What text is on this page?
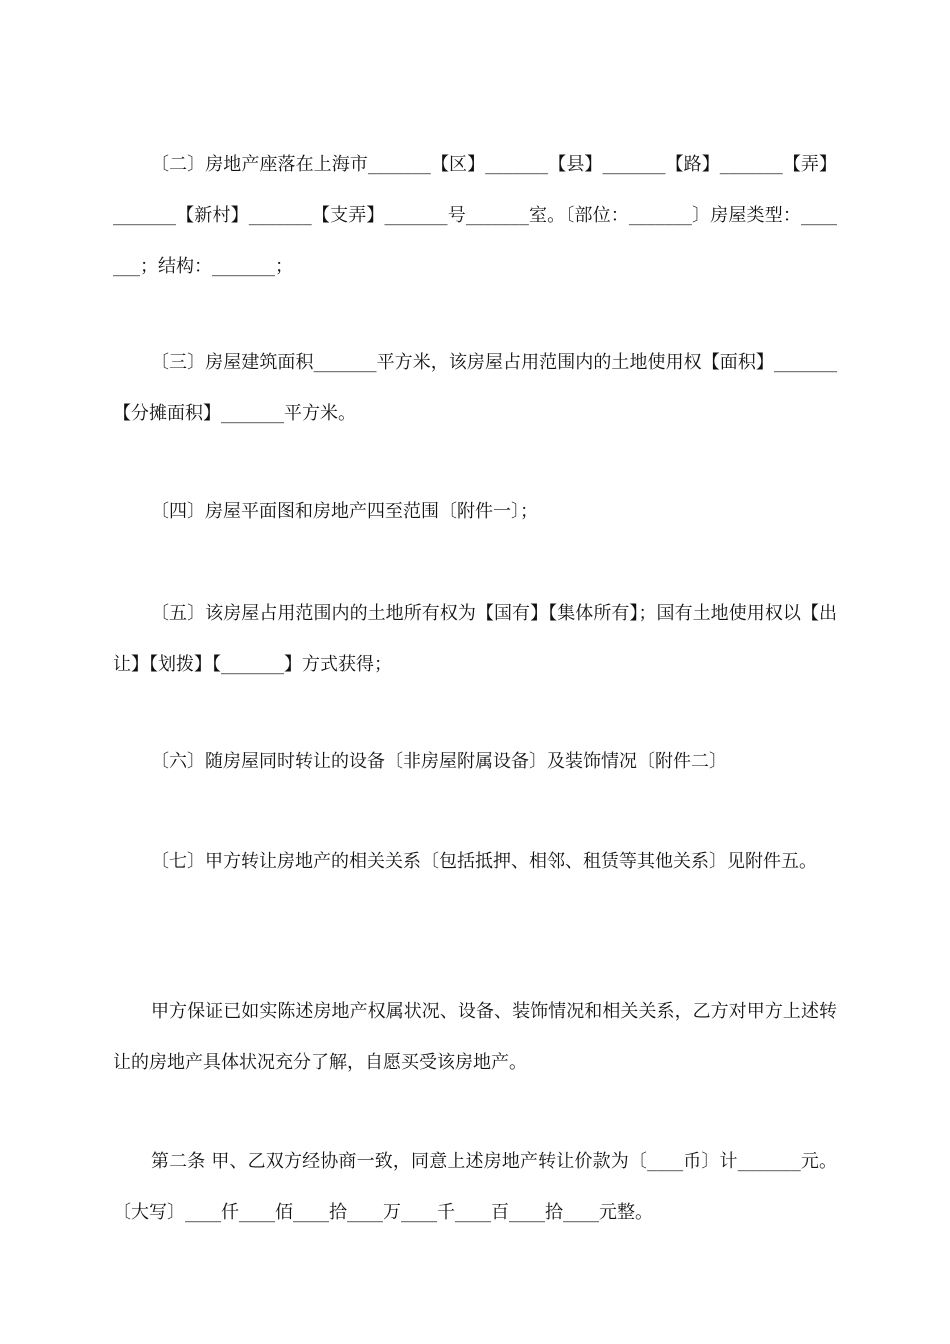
〔二〕房地产座落在上海市_______【区】_______【县】_______【路】_______【弄】_______【新村】_______【支弄】_______号_______室。〔部位：_______〕房屋类型：_______；结构：_______；

〔三〕房屋建筑面积_______平方米，该房屋占用范围内的土地使用权【面积】_______【分摊面积】_______平方米。

〔四〕房屋平面图和房地产四至范围〔附件一〕；

〔五〕该房屋占用范围内的土地所有权为【国有】【集体所有】；国有土地使用权以【出让】【划拨】【_______】方式获得；

〔六〕随房屋同时转让的设备〔非房屋附属设备〕及装饰情况〔附件二〕

〔七〕甲方转让房地产的相关关系〔包括抵押、相邻、租赁等其他关系〕见附件五。

甲方保证已如实陈述房地产权属状况、设备、装饰情况和相关关系，乙方对甲方上述转让的房地产具体状况充分了解，自愿买受该房地产。

第二条 甲、乙双方经协商一致，同意上述房地产转让价款为〔____币〕计_______元。〔大写〕____仟____佰____拾____万____千____百____拾____元整。
